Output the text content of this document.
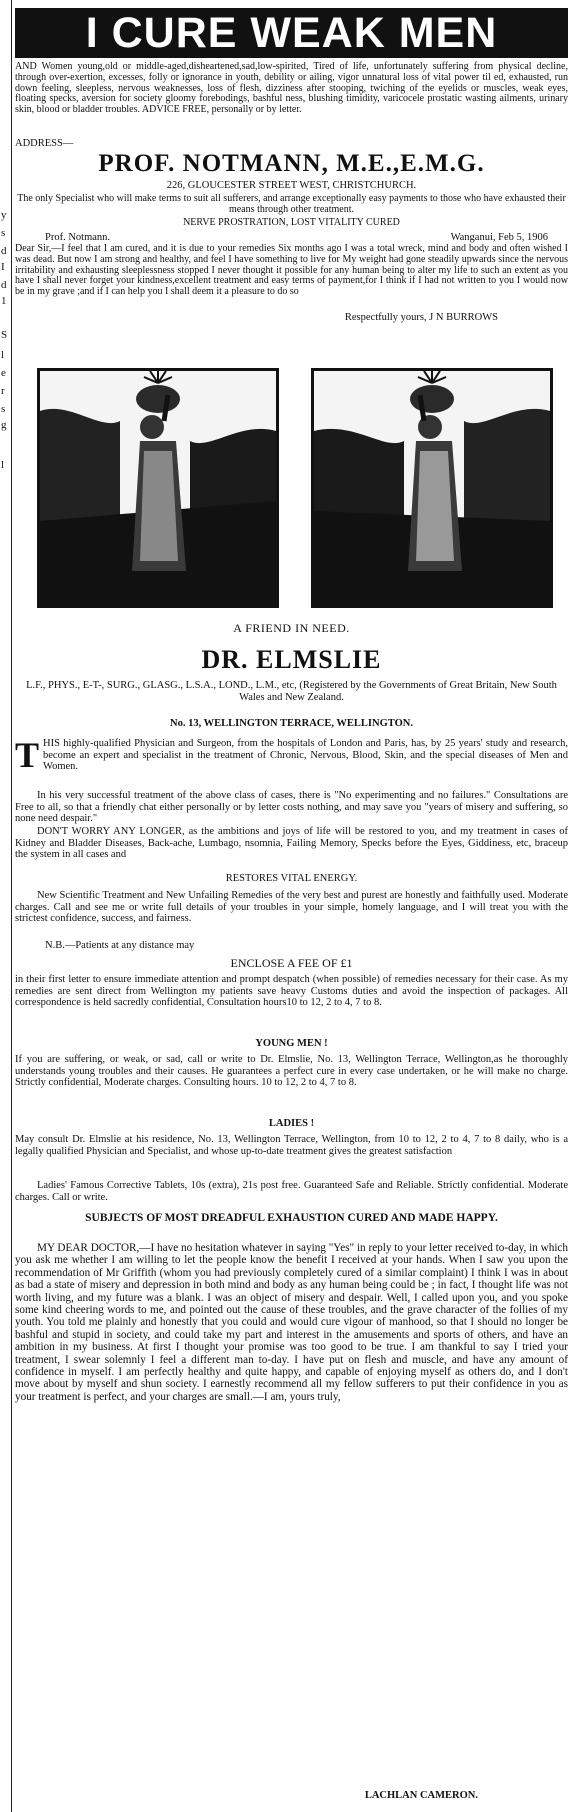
y
s
d
I
d
1
S
l
e
r
s
g
l
I CURE WEAK MEN

AND Women young,old or middle-aged,disheartened,sad,low-spirited, Tired of life, unfortunately suffering from physical decline, through over-exertion, excesses, folly or ignorance in youth, debility or ailing, vigor unnatural loss of vital power til ed, exhausted, run down feeling, sleepless, nervous weaknesses, loss of flesh, dizziness after stooping, twiching of the eyelids or muscles, weak eyes, floating specks, aversion for society gloomy forebodings, bashful ness, blushing timidity, varicocele prostatic wasting ailments, urinary skin, blood or bladder troubles. ADVICE FREE, personally or by letter.

ADDRESS—
PROF. NOTMANN, M.E.,E.M.G.
226, GLOUCESTER STREET WEST, CHRISTCHURCH.

The only Specialist who will make terms to suit all sufferers, and arrange exceptionally easy payments to those who have exhausted their means through other treatment.

NERVE PROSTRATION, LOST VITALITY CURED
Prof. Notmann.	Wanganui, Feb 5, 1906

Dear Sir,—I feel that I am cured, and it is due to your remedies Six months ago I was a total wreck, mind and body and often wished I was dead. But now I am strong and healthy, and feel I have something to live for My weight had gone steadily upwards since the nervous irritability and exhausting sleeplessness stopped I never thought it possible for any human being to alter my life to such an extent as you have I shall never forget your kindness,excellent treatment and easy terms of payment,for I think if I had not written to you I would now be in my grave ;and if I can help you I shall deem it a pleasure to do so

Respectfully yours, J N BURROWS
A FRIEND IN NEED.
DR. ELMSLIE

L.F., PHYS., E-T-, SURG., GLASG., L.S.A., LOND., L.M., etc, (Registered by the Governments of Great Britain, New South Wales and New Zealand.

No. 13, WELLINGTON TERRACE, WELLINGTON.

THIS highly-qualified Physician and Surgeon, from the hospitals of London and Paris, has, by 25 years' study and research, become an expert and specialist in the treatment of Chronic, Nervous, Blood, Skin, and the special diseases of Men and Women.

In his very successful treatment of the above class of cases, there is "No experimenting and no failures." Consultations are Free to all, so that a friendly chat either personally or by letter costs nothing, and may save you "years of misery and suffering, so none need despair."

DON'T WORRY ANY LONGER, as the ambitions and joys of life will be restored to you, and my treatment in cases of Kidney and Bladder Diseases, Back-ache, Lumbago, nsomnia, Failing Memory, Specks before the Eyes, Giddiness, etc, braceup the system in all cases and

RESTORES VITAL ENERGY.

New Scientific Treatment and New Unfailing Remedies of the very best and purest are honestly and faithfully used. Moderate charges. Call and see me or write full details of your troubles in your simple, homely language, and I will treat you with the strictest confidence, success, and fairness.

N.B.—Patients at any distance may
ENCLOSE A FEE OF £1

in their first letter to ensure immediate attention and prompt despatch (when possible) of remedies necessary for their case. As my remedies are sent direct from Wellington my patients save heavy Customs duties and avoid the inspection of packages. All correspondence is held sacredly confidential, Consultation hours10 to 12, 2 to 4, 7 to 8.

YOUNG MEN !

If you are suffering, or weak, or sad, call or write to Dr. Elmslie, No. 13, Wellington Terrace, Wellington,as he thoroughly understands young troubles and their causes. He guarantees a perfect cure in every case undertaken, or he will make no charge. Strictly confidential, Moderate charges. Consulting hours. 10 to 12, 2 to 4, 7 to 8.

LADIES !

May consult Dr. Elmslie at his residence, No. 13, Wellington Terrace, Wellington, from 10 to 12, 2 to 4, 7 to 8 daily, who is a legally qualified Physician and Specialist, and whose up-to-date treatment gives the greatest satisfaction

Ladies' Famous Corrective Tablets, 10s (extra), 21s post free. Guaranteed Safe and Reliable. Strictly confidential. Moderate charges. Call or write.

SUBJECTS OF MOST DREADFUL EXHAUSTION CURED AND MADE HAPPY.

MY DEAR DOCTOR,—I have no hesitation whatever in saying "Yes" in reply to your letter received to-day, in which you ask me whether I am willing to let the people know the benefit I received at your hands. When I saw you upon the recommendation of Mr Griffith (whom you had previously completely cured of a similar complaint) I think I was in about as bad a state of misery and depression in both mind and body as any human being could be ; in fact, I thought life was not worth living, and my future was a blank. I was an object of misery and despair. Well, I called upon you, and you spoke some kind cheering words to me, and pointed out the cause of these troubles, and the grave character of the follies of my youth. You told me plainly and honestly that you could and would cure vigour of manhood, so that I should no longer be bashful and stupid in society, and could take my part and interest in the amusements and sports of others, and have an ambition in my business. At first I thought your promise was too good to be true. I am thankful to say I tried your treatment, I swear solemnly I feel a different man to-day. I have put on flesh and muscle, and have any amount of confidence in myself. I am perfectly healthy and quite happy, and capable of enjoying myself as others do, and I don't move about by myself and shun society. I earnestly recommend all my fellow sufferers to put their confidence in you as your treatment is perfect, and your charges are small.—I am, yours truly,

LACHLAN CAMERON.
